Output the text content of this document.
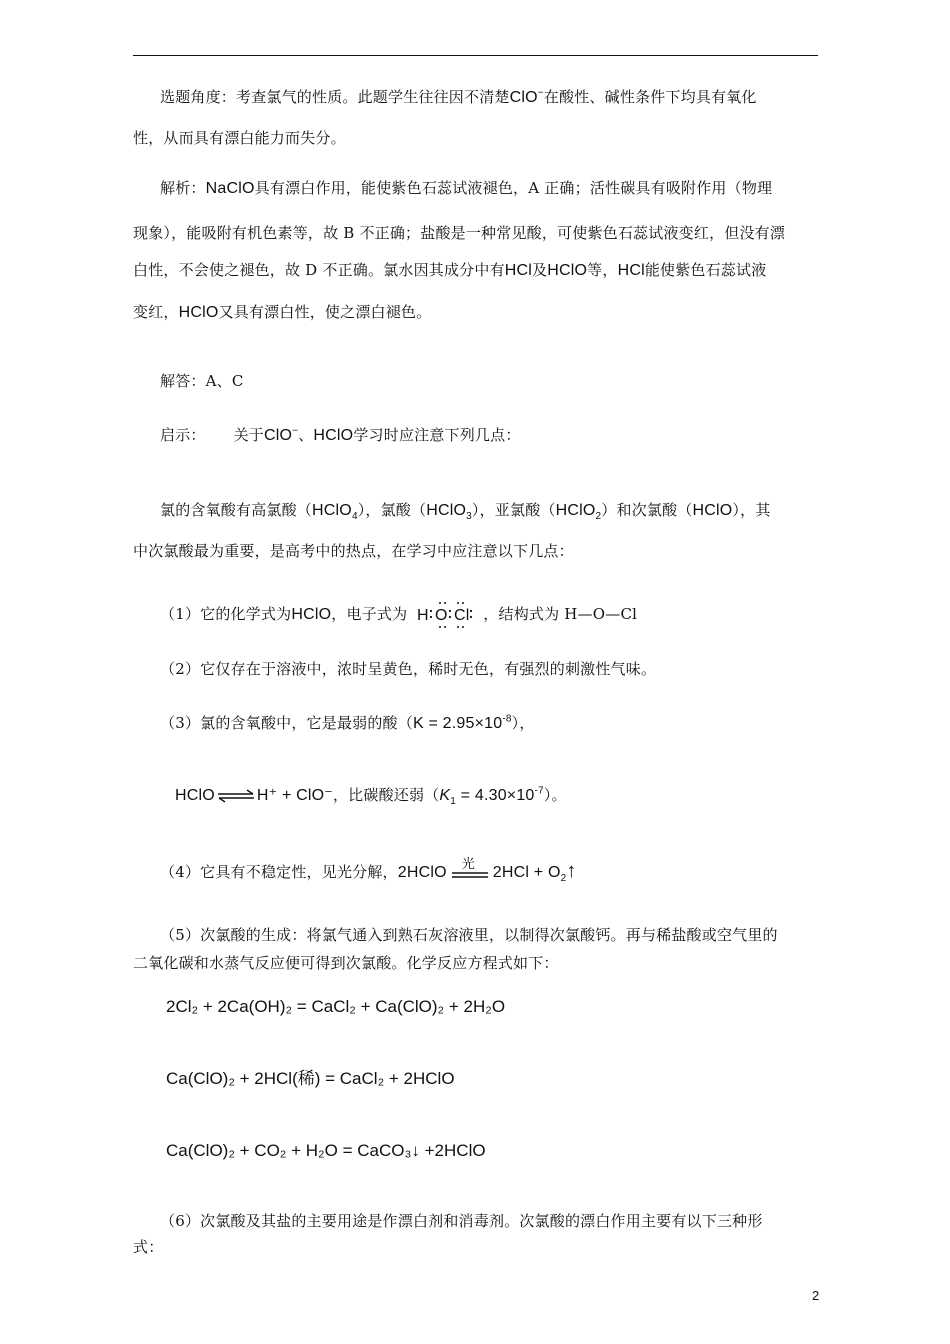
选题角度：考查氯气的性质。此题学生往往因不清楚ClO−在酸性、碱性条件下均具有氧化
性，从而具有漂白能力而失分。
解析：NaClO具有漂白作用，能使紫色石蕊试液褪色，A 正确；活性碳具有吸附作用（物理
现象），能吸附有机色素等，故 B 不正确；盐酸是一种常见酸，可使紫色石蕊试液变红，但没有漂
白性，不会使之褪色，故 D 不正确。氯水因其成分中有HCl及HClO等，HCl能使紫色石蕊试液
变红，HClO又具有漂白性，使之漂白褪色。
解答：A、C
启示： 关于ClO−、HClO学习时应注意下列几点：
氯的含氧酸有高氯酸（HClO$_4$），氯酸（HClO$_3$），亚氯酸（HClO$_2$）和次氯酸（HClO），其
中次氯酸最为重要，是高考中的热点，在学习中应注意以下几点：
（1）它的化学式为HClO，电子式为 H O Cl ，结构式为 H—O—Cl
（2）它仅存在于溶液中，浓时呈黄色，稀时无色，有强烈的刺激性气味。
（3）氯的含氧酸中，它是最弱的酸$(K = 2.95\times 10^{-8})$，
HClO ⇌ H⁺ + ClO⁻，比碳酸还弱$(K_1 = 4.30\times 10^{-7})$。
（4）它具有不稳定性，见光分解，2HClO 光 $2HCl + O_2↑$
（5）次氯酸的生成：将氯气通入到熟石灰溶液里，以制得次氯酸钙。再与稀盐酸或空气里的
二氧化碳和水蒸气反应便可得到次氯酸。化学反应方程式如下：
2Cl₂ + 2Ca(OH)₂ = CaCl₂ + Ca(ClO)₂ + 2H₂O
Ca(ClO)₂ + 2HCl(稀) = CaCl₂ + 2HClO
Ca(ClO)₂ + CO₂ + H₂O = CaCO₃↓ +2HClO
（6）次氯酸及其盐的主要用途是作漂白剂和消毒剂。次氯酸的漂白作用主要有以下三种形
式：
2
